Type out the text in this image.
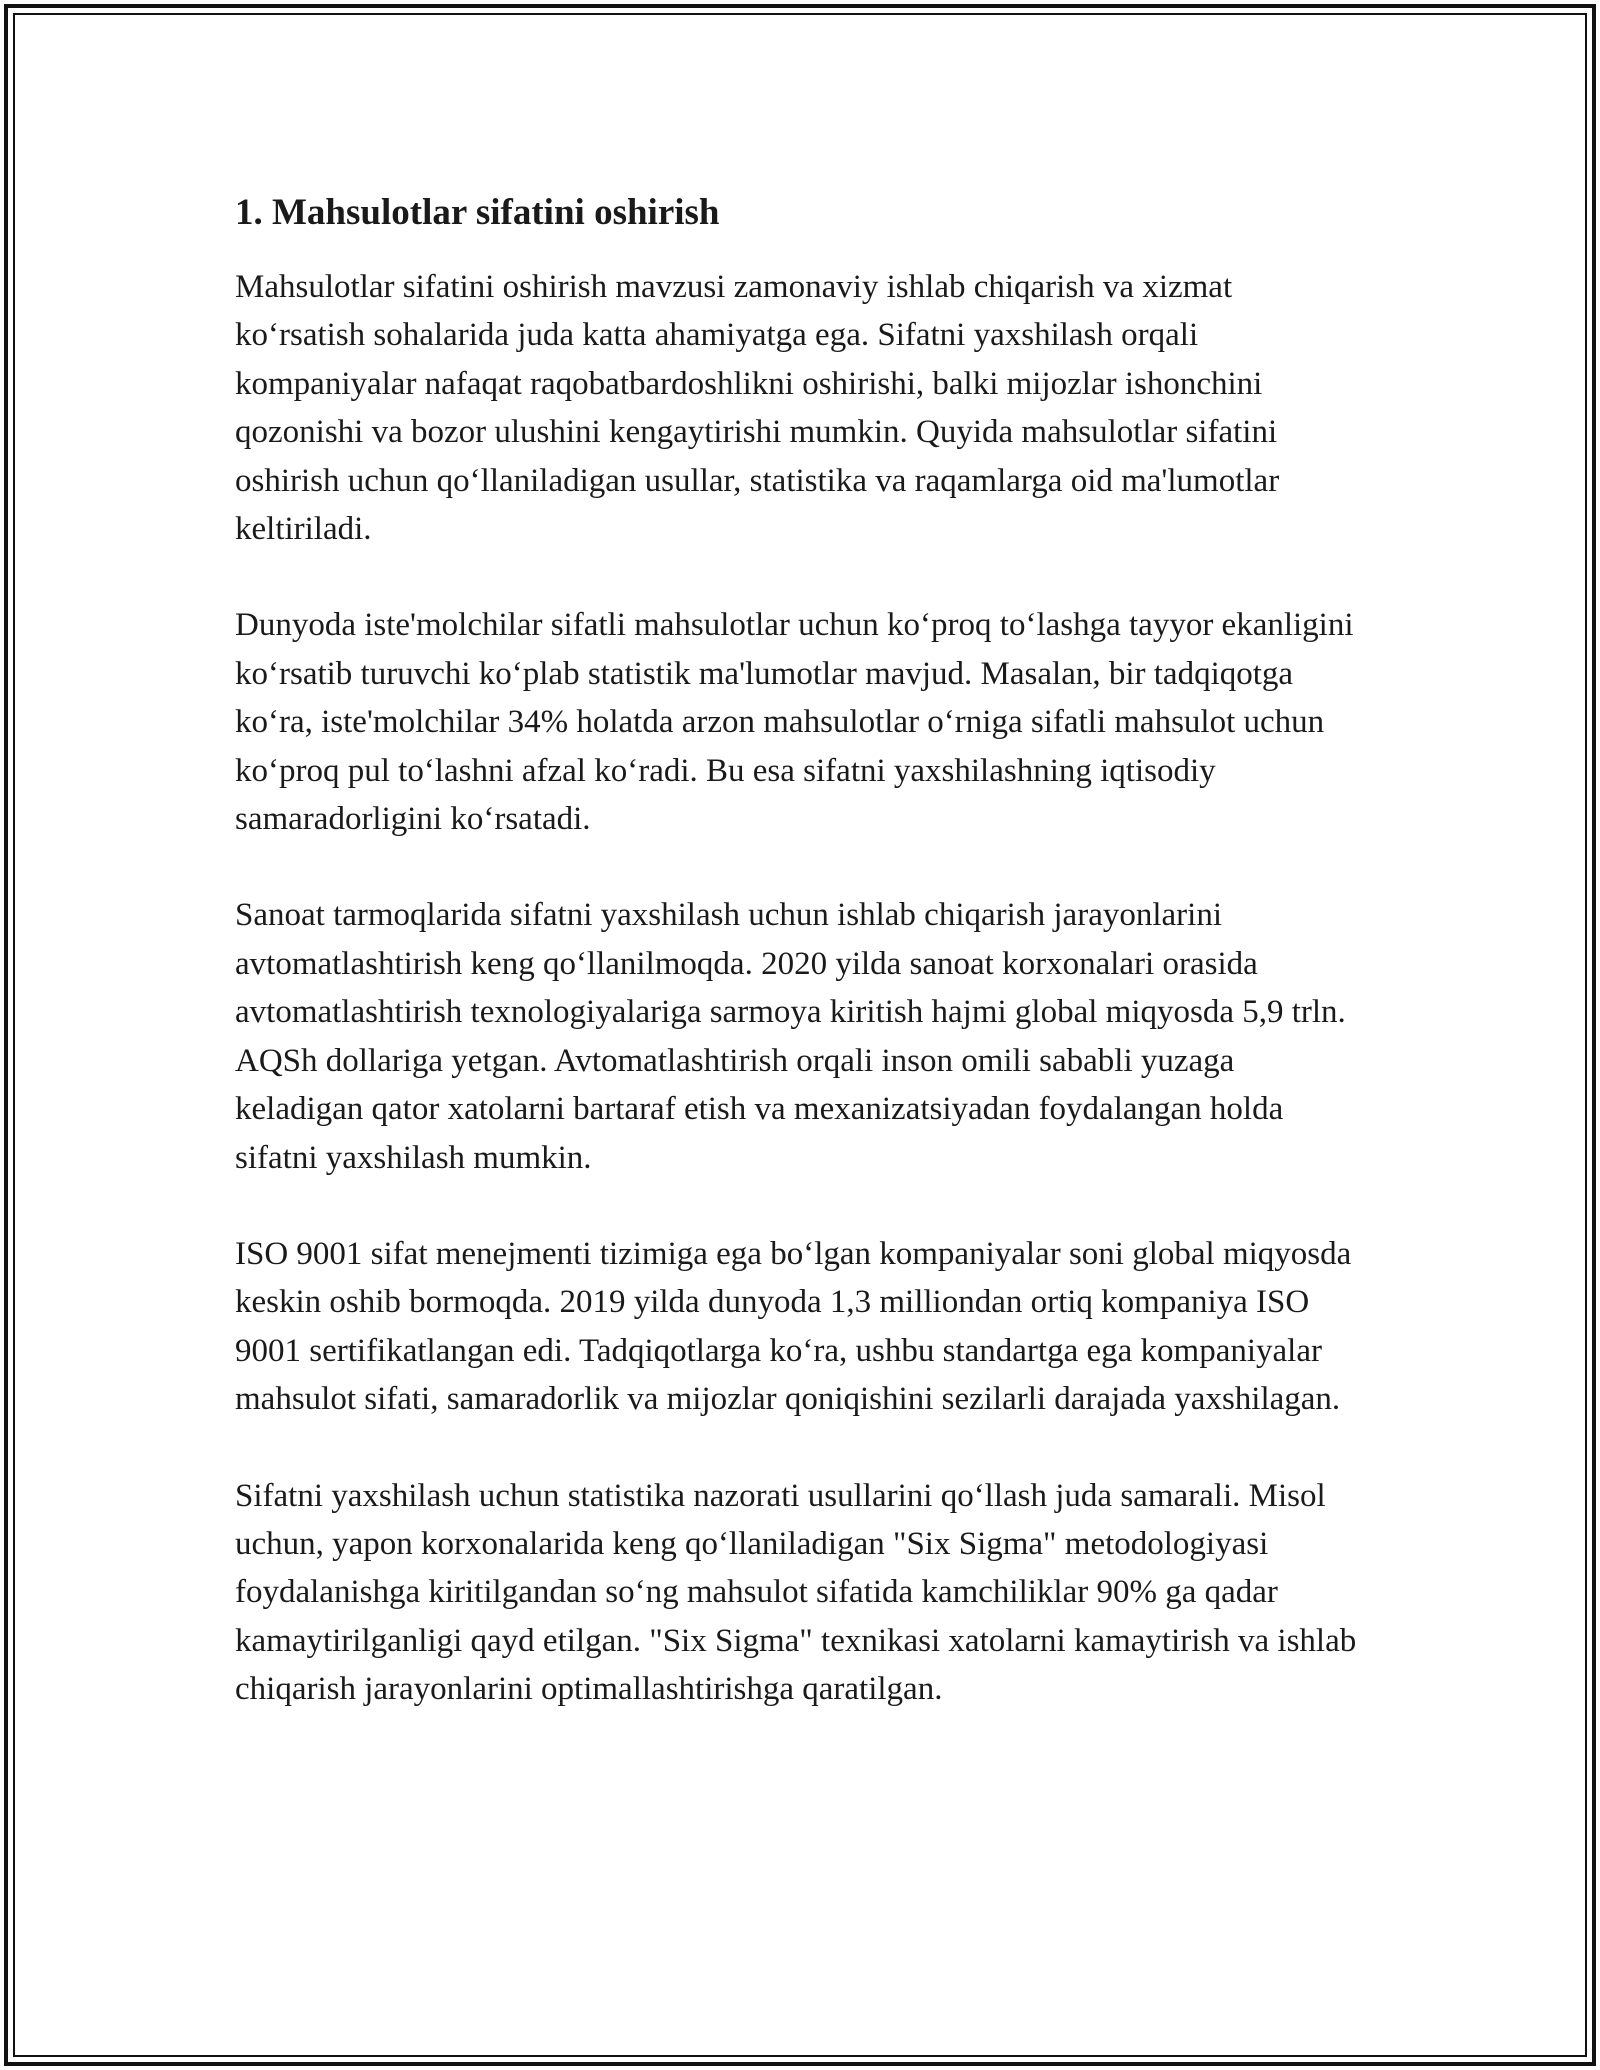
1. Mahsulotlar sifatini oshirish

Mahsulotlar sifatini oshirish mavzusi zamonaviy ishlab chiqarish va xizmat ko‘rsatish sohalarida juda katta ahamiyatga ega. Sifatni yaxshilash orqali kompaniyalar nafaqat raqobatbardoshlikni oshirishi, balki mijozlar ishonchini qozonishi va bozor ulushini kengaytirishi mumkin. Quyida mahsulotlar sifatini oshirish uchun qo‘llaniladigan usullar, statistika va raqamlarga oid ma'lumotlar keltiriladi.

Dunyoda iste'molchilar sifatli mahsulotlar uchun ko‘proq to‘lashga tayyor ekanligini ko‘rsatib turuvchi ko‘plab statistik ma'lumotlar mavjud. Masalan, bir tadqiqotga ko‘ra, iste'molchilar 34% holatda arzon mahsulotlar o‘rniga sifatli mahsulot uchun ko‘proq pul to‘lashni afzal ko‘radi. Bu esa sifatni yaxshilashning iqtisodiy samaradorligini ko‘rsatadi.

Sanoat tarmoqlarida sifatni yaxshilash uchun ishlab chiqarish jarayonlarini avtomatlashtirish keng qo‘llanilmoqda. 2020 yilda sanoat korxonalari orasida avtomatlashtirish texnologiyalariga sarmoya kiritish hajmi global miqyosda 5,9 trln. AQSh dollariga yetgan. Avtomatlashtirish orqali inson omili sababli yuzaga keladigan qator xatolarni bartaraf etish va mexanizatsiyadan foydalangan holda sifatni yaxshilash mumkin.

ISO 9001 sifat menejmenti tizimiga ega bo‘lgan kompaniyalar soni global miqyosda keskin oshib bormoqda. 2019 yilda dunyoda 1,3 milliondan ortiq kompaniya ISO 9001 sertifikatlangan edi. Tadqiqotlarga ko‘ra, ushbu standartga ega kompaniyalar mahsulot sifati, samaradorlik va mijozlar qoniqishini sezilarli darajada yaxshilagan.

Sifatni yaxshilash uchun statistika nazorati usullarini qo‘llash juda samarali. Misol uchun, yapon korxonalarida keng qo‘llaniladigan "Six Sigma" metodologiyasi foydalanishga kiritilgandan so‘ng mahsulot sifatida kamchiliklar 90% ga qadar kamaytirilganligi qayd etilgan. "Six Sigma" texnikasi xatolarni kamaytirish va ishlab chiqarish jarayonlarini optimallashtirishga qaratilgan.
